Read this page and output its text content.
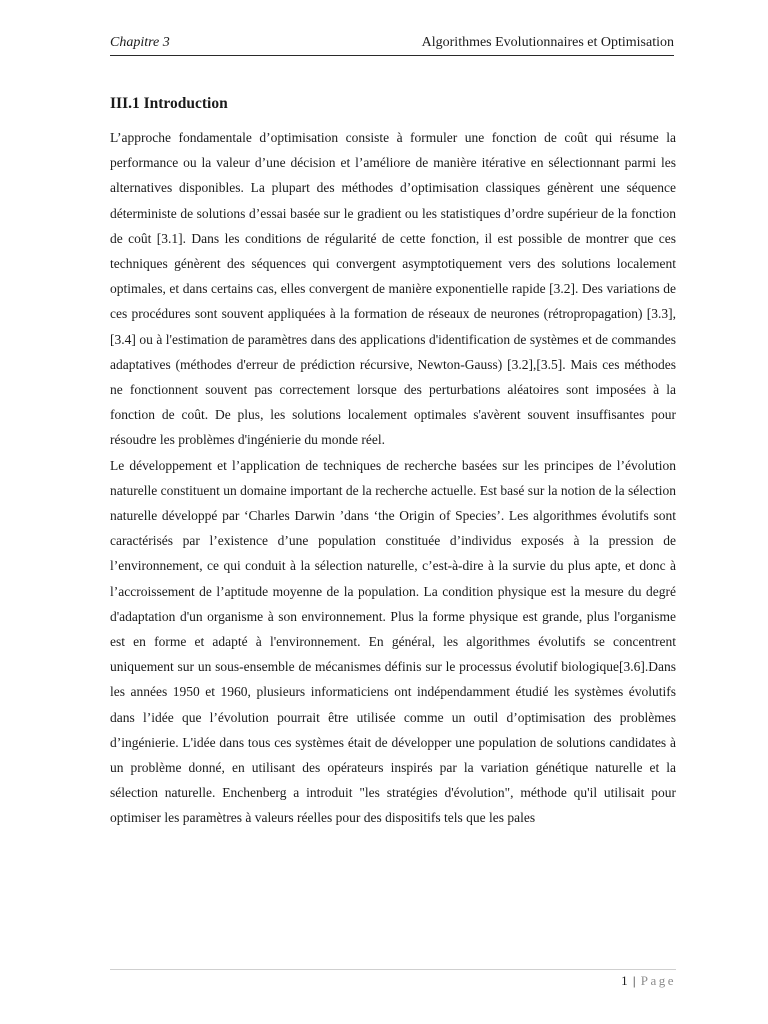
Chapitre 3	Algorithmes Evolutionnaires et Optimisation
III.1 Introduction

L’approche fondamentale d’optimisation consiste à formuler une fonction de coût qui résume la performance ou la valeur d’une décision et l’améliore de manière itérative en sélectionnant parmi les alternatives disponibles. La plupart des méthodes d’optimisation classiques génèrent une séquence déterministe de solutions d’essai basée sur le gradient ou les statistiques d’ordre supérieur de la fonction de coût [3.1]. Dans les conditions de régularité de cette fonction, il est possible de montrer que ces techniques génèrent des séquences qui convergent asymptotiquement vers des solutions localement optimales, et dans certains cas, elles convergent de manière exponentielle rapide [3.2]. Des variations de ces procédures sont souvent appliquées à la formation de réseaux de neurones (rétropropagation) [3.3],[3.4] ou à l'estimation de paramètres dans des applications d'identification de systèmes et de commandes adaptatives (méthodes d'erreur de prédiction récursive, Newton-Gauss) [3.2],[3.5]. Mais ces méthodes ne fonctionnent souvent pas correctement lorsque des perturbations aléatoires sont imposées à la fonction de coût. De plus, les solutions localement optimales s'avèrent souvent insuffisantes pour résoudre les problèmes d'ingénierie du monde réel.

Le développement et l’application de techniques de recherche basées sur les principes de l’évolution naturelle constituent un domaine important de la recherche actuelle. Est basé sur la notion de la sélection naturelle développé par ‘Charles Darwin ’dans ‘the Origin of Species’. Les algorithmes évolutifs sont caractérisés par l’existence d’une population constituée d’individus exposés à la pression de l’environnement, ce qui conduit à la sélection naturelle, c’est-à-dire à la survie du plus apte, et donc à l’accroissement de l’aptitude moyenne de la population. La condition physique est la mesure du degré d'adaptation d'un organisme à son environnement. Plus la forme physique est grande, plus l'organisme est en forme et adapté à l'environnement. En général, les algorithmes évolutifs se concentrent uniquement sur un sous-ensemble de mécanismes définis sur le processus évolutif biologique[3.6].Dans les années 1950 et 1960, plusieurs informaticiens ont indépendamment étudié les systèmes évolutifs dans l’idée que l’évolution pourrait être utilisée comme un outil d’optimisation des problèmes d’ingénierie. L'idée dans tous ces systèmes était de développer une population de solutions candidates à un problème donné, en utilisant des opérateurs inspirés par la variation génétique naturelle et la sélection naturelle. Enchenberg a introduit "les stratégies d'évolution", méthode qu'il utilisait pour optimiser les paramètres à valeurs réelles pour des dispositifs tels que les pales

1 | Page
